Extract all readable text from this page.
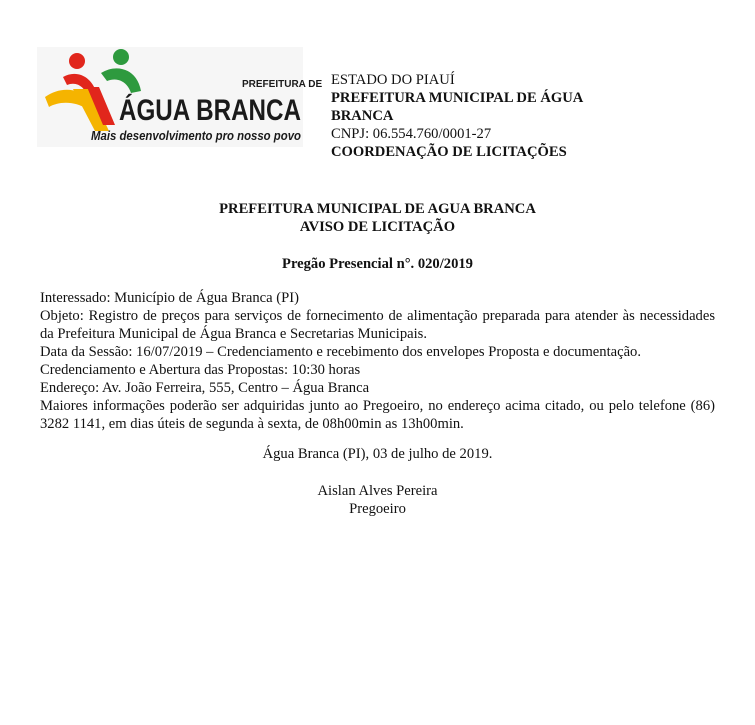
PREFEITURA DE
ÁGUA BRANCA
Mais desenvolvimento pro nosso povo
ESTADO DO PIAUÍ
PREFEITURA MUNICIPAL DE ÁGUA
BRANCA
CNPJ: 06.554.760/0001-27
COORDENAÇÃO DE LICITAÇÕES
PREFEITURA MUNICIPAL DE AGUA BRANCA
AVISO DE LICITAÇÃO
Pregão Presencial n°. 020/2019

Interessado: Município de Água Branca (PI)

Objeto: Registro de preços para serviços de fornecimento de alimentação preparada para atender às necessidades da Prefeitura Municipal de Água Branca e Secretarias Municipais.

Data da Sessão: 16/07/2019 – Credenciamento e recebimento dos envelopes Proposta e documentação.

Credenciamento e Abertura das Propostas: 10:30 horas

Endereço: Av. João Ferreira, 555, Centro – Água Branca

Maiores informações poderão ser adquiridas junto ao Pregoeiro, no endereço acima citado, ou pelo telefone (86) 3282 1141, em dias úteis de segunda à sexta, de 08h00min as 13h00min.

Água Branca (PI), 03 de julho de 2019.
Aislan Alves Pereira
Pregoeiro
